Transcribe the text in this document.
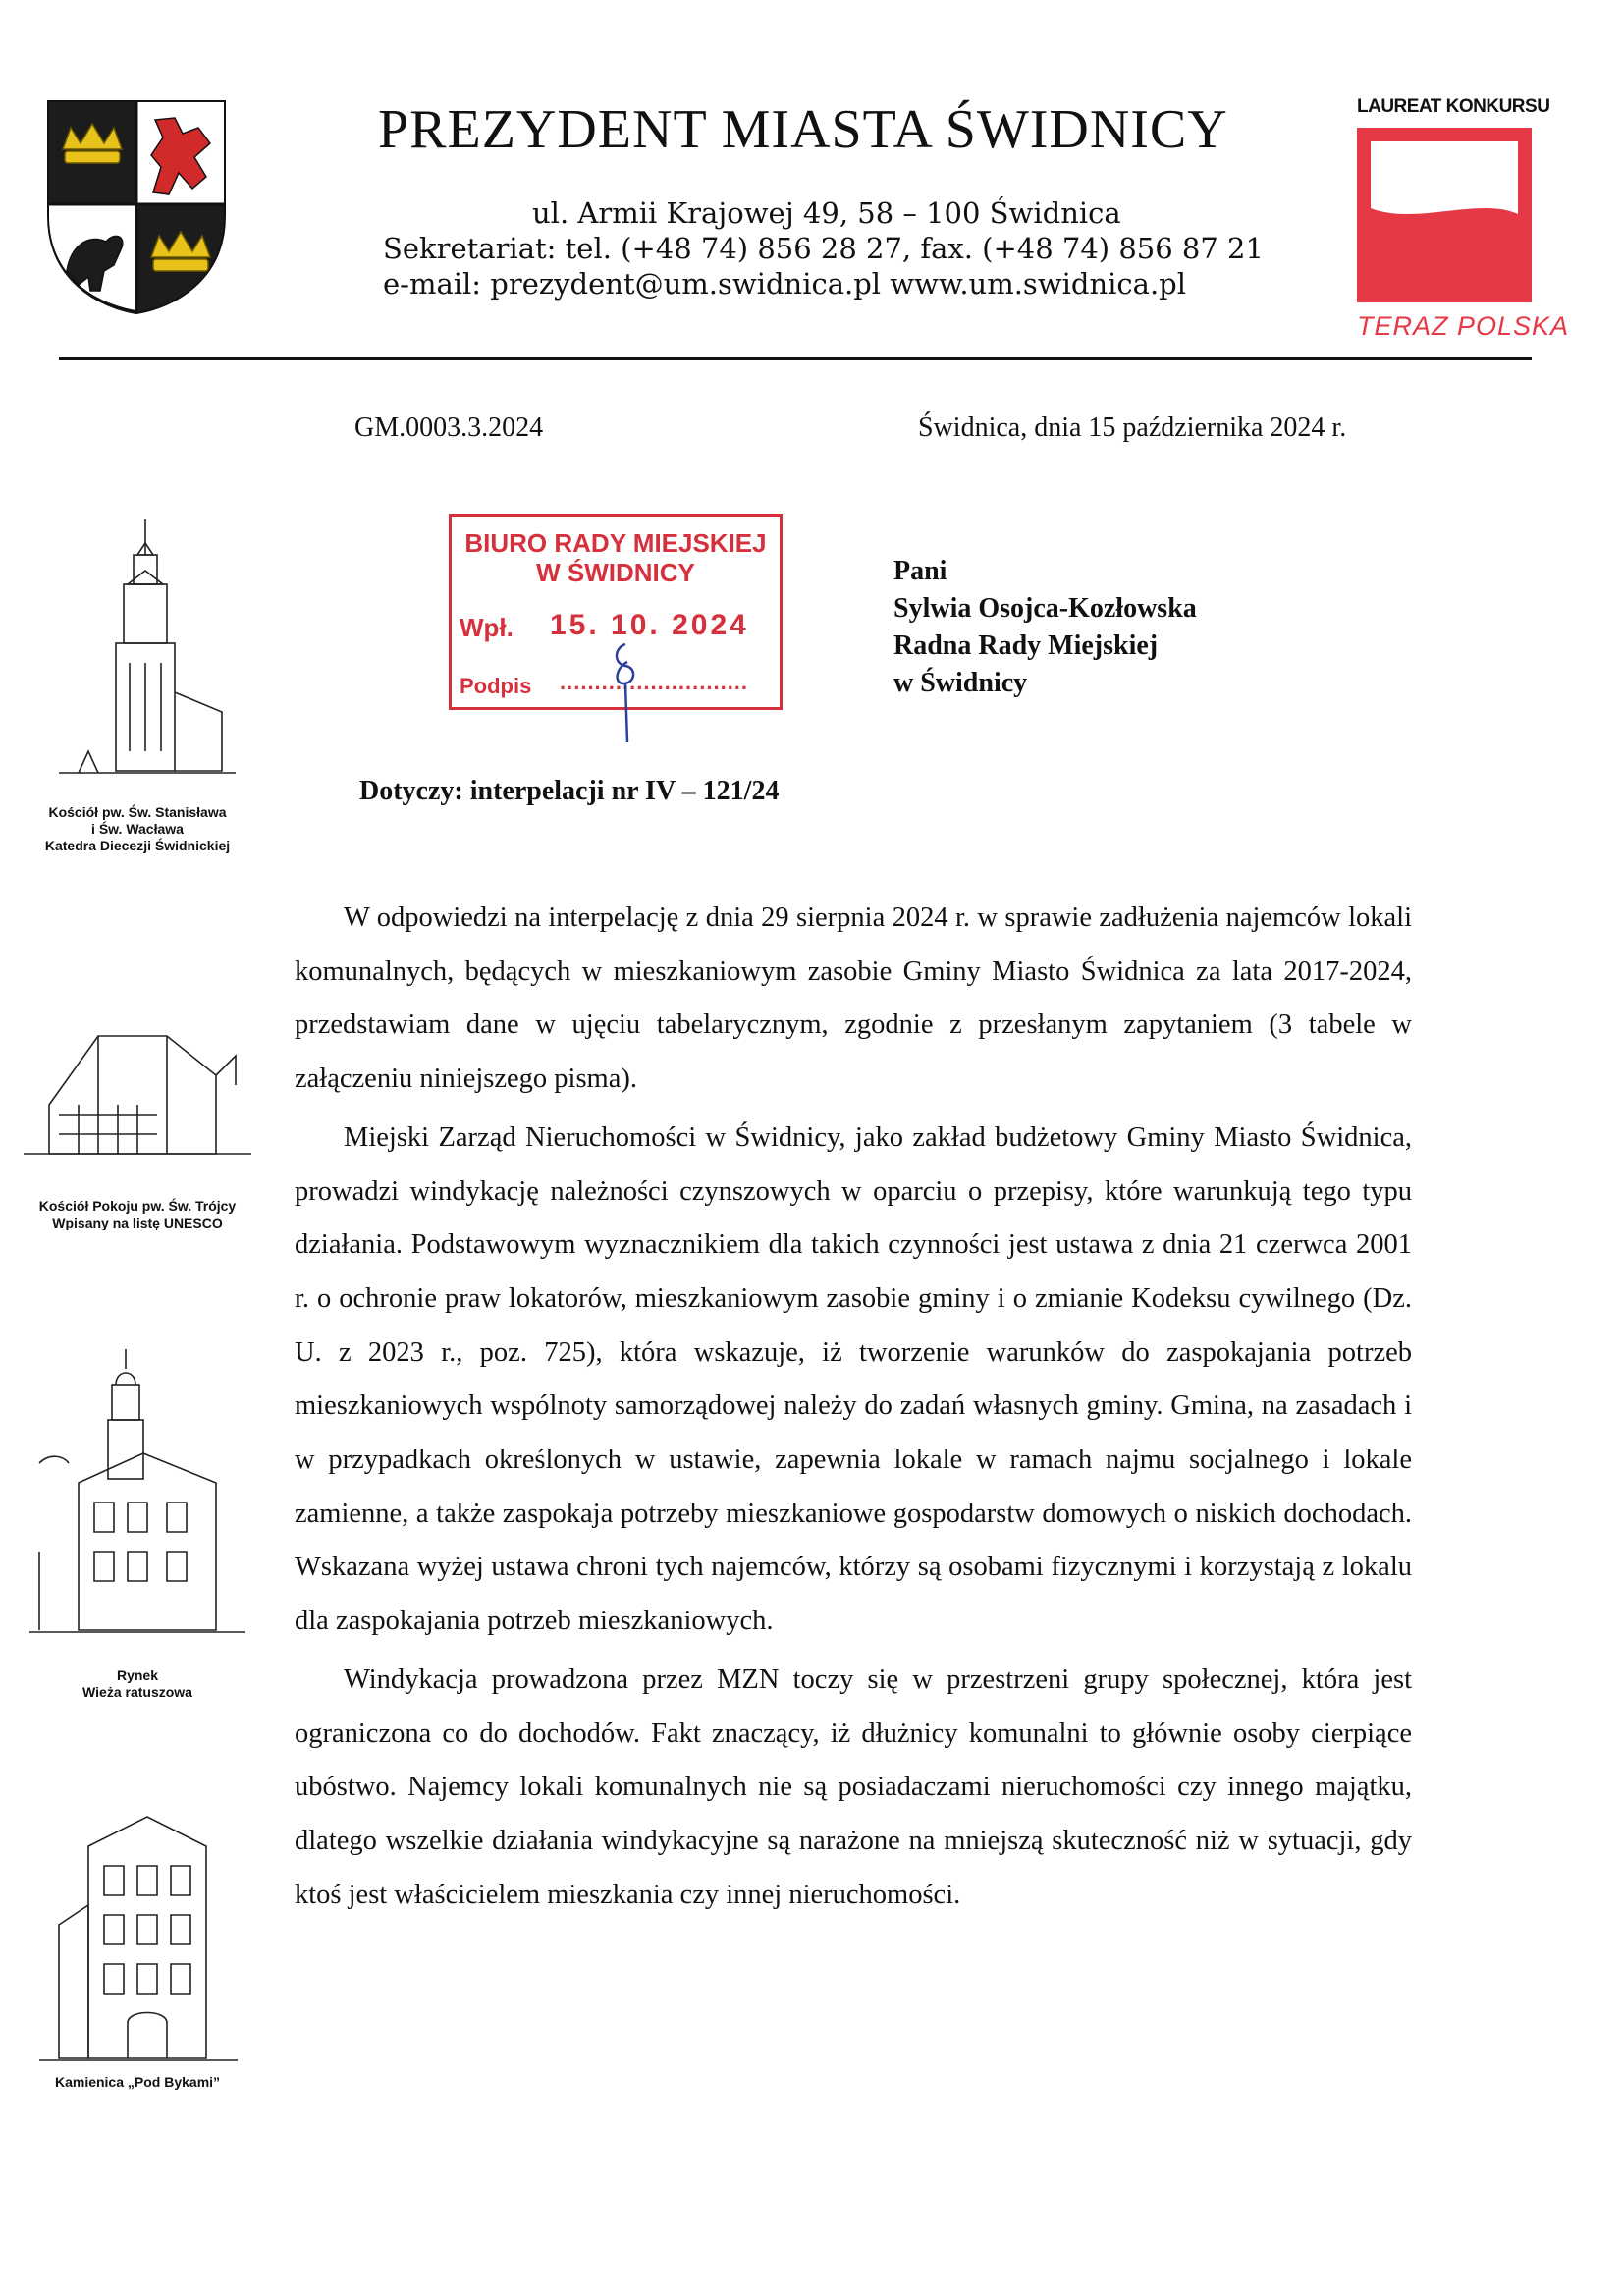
PREZYDENT MIASTA ŚWIDNICY
ul. Armii Krajowej 49, 58 – 100 Świdnica
Sekretariat: tel. (+48 74) 856 28 27, fax. (+48 74) 856 87 21
e-mail: prezydent@um.swidnica.pl www.um.swidnica.pl
LAUREAT KONKURSU
TERAZ POLSKA
GM.0003.3.2024	Świdnica, dnia 15 października 2024 r.
BIURO RADY MIEJSKIEJ
W ŚWIDNICY
Wpł. 15. 10. 2024
Podpis ...........................
Pani
Sylwia Osojca-Kozłowska
Radna Rady Miejskiej
w Świdnicy
Dotyczy: interpelacji nr IV – 121/24
Kościół pw. Św. Stanisława
i Św. Wacława
Katedra Diecezji Świdnickiej
Kościół Pokoju pw. Św. Trójcy
Wpisany na listę UNESCO
Rynek
Wieża ratuszowa
Kamienica „Pod Bykami”

W odpowiedzi na interpelację z dnia 29 sierpnia 2024 r. w sprawie zadłużenia najemców lokali komunalnych, będących w mieszkaniowym zasobie Gminy Miasto Świdnica za lata 2017-2024, przedstawiam dane w ujęciu tabelarycznym, zgodnie z przesłanym zapytaniem (3 tabele w załączeniu niniejszego pisma).

Miejski Zarząd Nieruchomości w Świdnicy, jako zakład budżetowy Gminy Miasto Świdnica, prowadzi windykację należności czynszowych w oparciu o przepisy, które warunkują tego typu działania. Podstawowym wyznacznikiem dla takich czynności jest ustawa z dnia 21 czerwca 2001 r. o ochronie praw lokatorów, mieszkaniowym zasobie gminy i o zmianie Kodeksu cywilnego (Dz. U. z 2023 r., poz. 725), która wskazuje, iż tworzenie warunków do zaspokajania potrzeb mieszkaniowych wspólnoty samorządowej należy do zadań własnych gminy. Gmina, na zasadach i w przypadkach określonych w ustawie, zapewnia lokale w ramach najmu socjalnego i lokale zamienne, a także zaspokaja potrzeby mieszkaniowe gospodarstw domowych o niskich dochodach. Wskazana wyżej ustawa chroni tych najemców, którzy są osobami fizycznymi i korzystają z lokalu dla zaspokajania potrzeb mieszkaniowych.

Windykacja prowadzona przez MZN toczy się w przestrzeni grupy społecznej, która jest ograniczona co do dochodów. Fakt znaczący, iż dłużnicy komunalni to głównie osoby cierpiące ubóstwo. Najemcy lokali komunalnych nie są posiadaczami nieruchomości czy innego majątku, dlatego wszelkie działania windykacyjne są narażone na mniejszą skuteczność niż w sytuacji, gdy ktoś jest właścicielem mieszkania czy innej nieruchomości.
